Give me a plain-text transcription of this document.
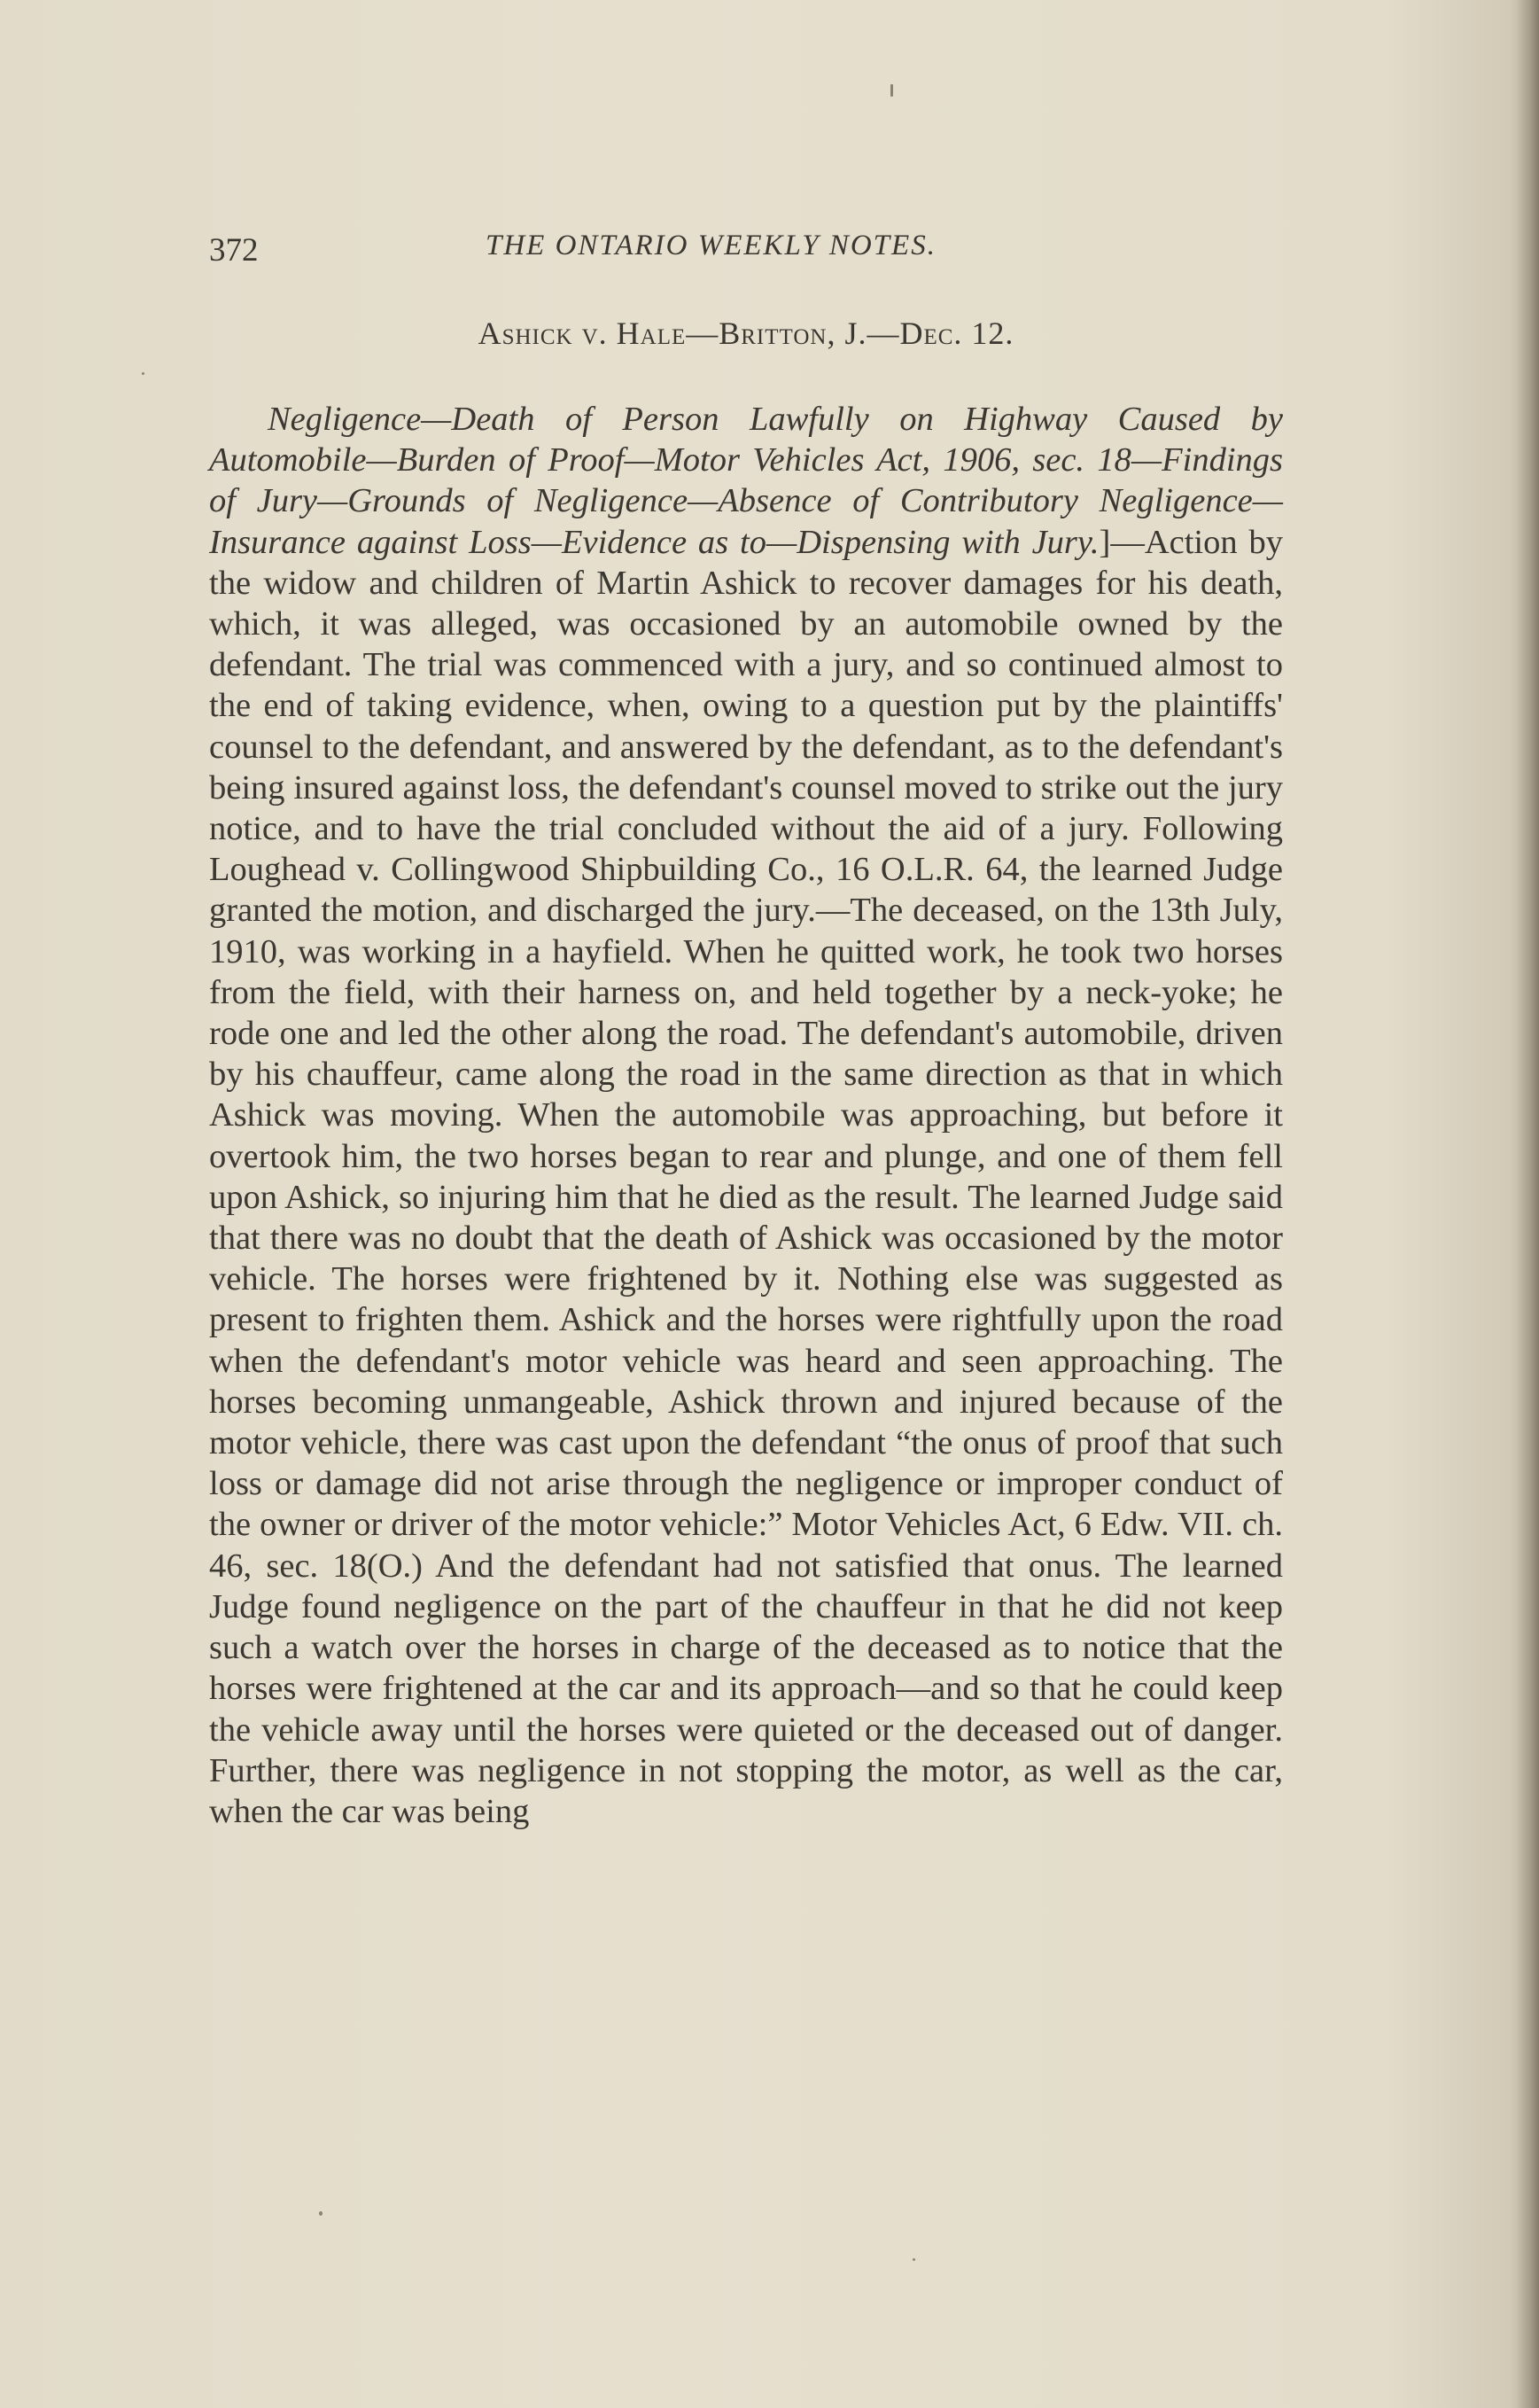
372	THE ONTARIO WEEKLY NOTES.
Ashick v. Hale—Britton, J.—Dec. 12.

Negligence—Death of Person Lawfully on Highway Caused by Automobile—Burden of Proof—Motor Vehicles Act, 1906, sec. 18—Findings of Jury—Grounds of Negligence—Absence of Contributory Negligence—Insurance against Loss—Evidence as to—Dispensing with Jury.]—Action by the widow and children of Martin Ashick to recover damages for his death, which, it was alleged, was occasioned by an automobile owned by the defendant. The trial was commenced with a jury, and so continued almost to the end of taking evidence, when, owing to a question put by the plaintiffs' counsel to the defendant, and answered by the defendant, as to the defendant's being insured against loss, the defendant's counsel moved to strike out the jury notice, and to have the trial concluded without the aid of a jury. Following Loughead v. Collingwood Shipbuilding Co., 16 O.L.R. 64, the learned Judge granted the motion, and discharged the jury.—The deceased, on the 13th July, 1910, was working in a hayfield. When he quitted work, he took two horses from the field, with their harness on, and held together by a neck-yoke; he rode one and led the other along the road. The defendant's automobile, driven by his chauffeur, came along the road in the same direction as that in which Ashick was moving. When the automobile was approaching, but before it overtook him, the two horses began to rear and plunge, and one of them fell upon Ashick, so injuring him that he died as the result. The learned Judge said that there was no doubt that the death of Ashick was occasioned by the motor vehicle. The horses were frightened by it. Nothing else was suggested as present to frighten them. Ashick and the horses were rightfully upon the road when the defendant's motor vehicle was heard and seen approaching. The horses becoming unmangeable, Ashick thrown and injured because of the motor vehicle, there was cast upon the defendant “the onus of proof that such loss or damage did not arise through the negligence or improper conduct of the owner or driver of the motor vehicle:” Motor Vehicles Act, 6 Edw. VII. ch. 46, sec. 18(O.) And the defendant had not satisfied that onus. The learned Judge found negligence on the part of the chauffeur in that he did not keep such a watch over the horses in charge of the deceased as to notice that the horses were frightened at the car and its approach—and so that he could keep the vehicle away until the horses were quieted or the deceased out of danger. Further, there was negligence in not stopping the motor, as well as the car, when the car was being
